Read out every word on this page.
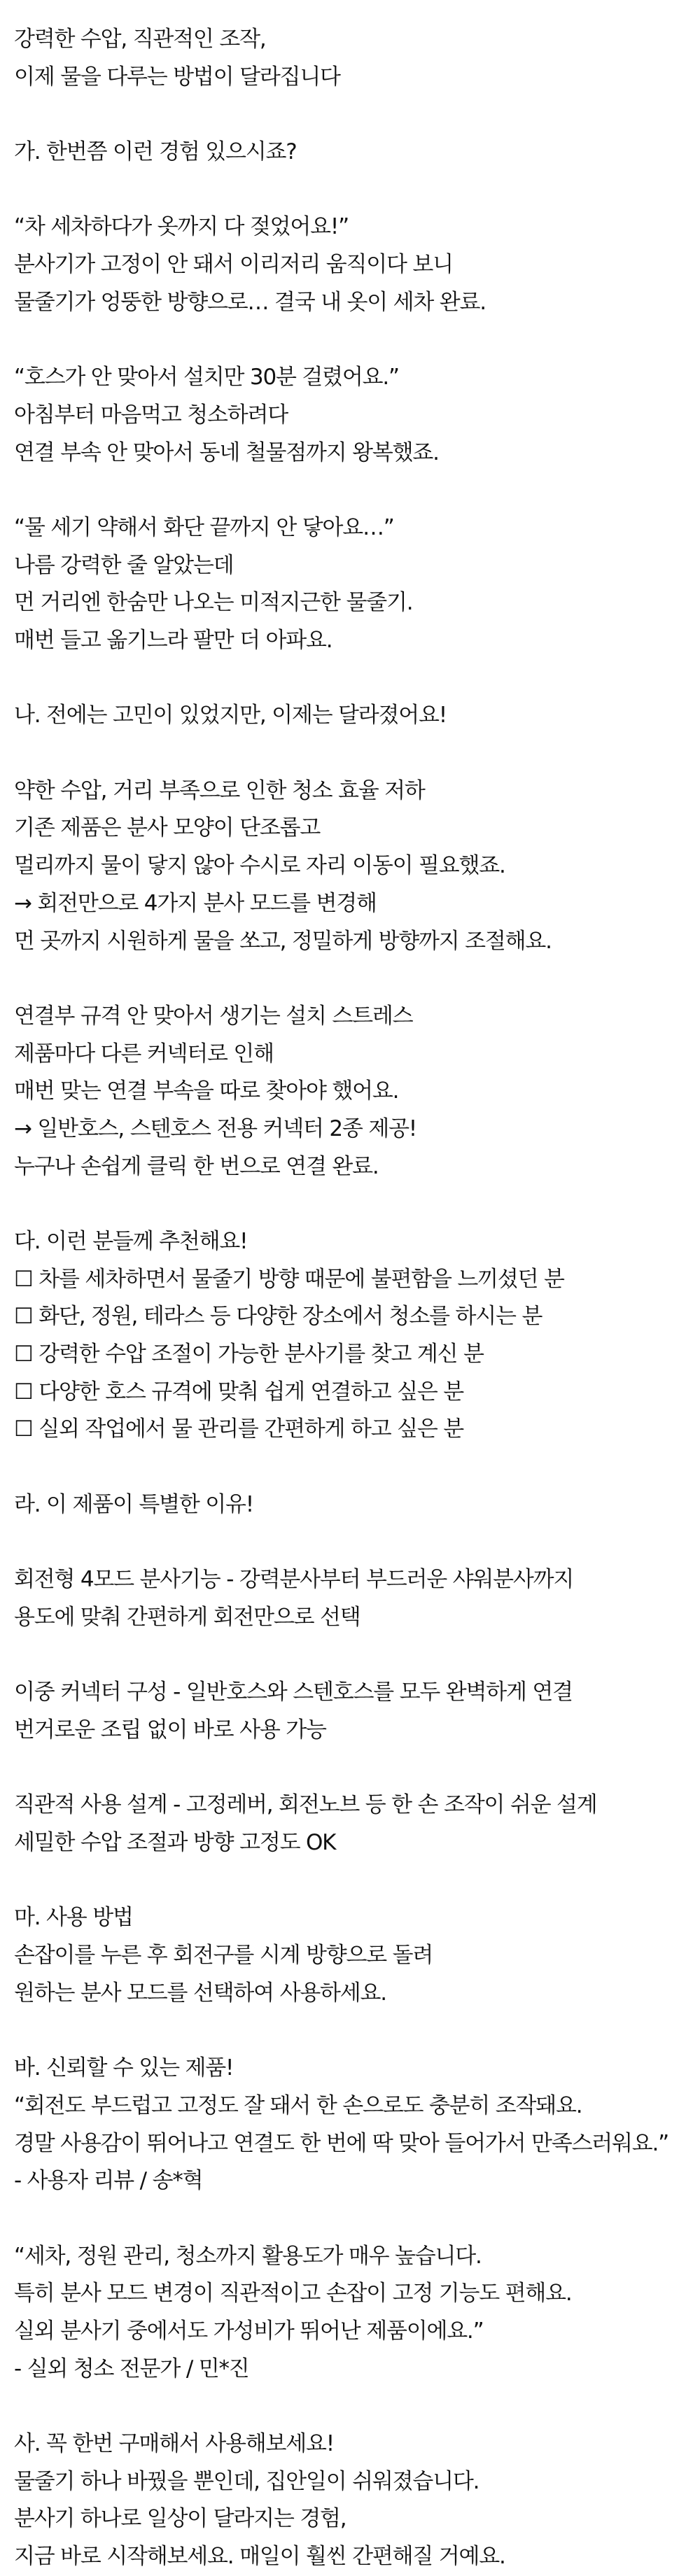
강력한 수압, 직관적인 조작,
이제 물을 다루는 방법이 달라집니다
가. 한번쯤 이런 경험 있으시죠?
“차 세차하다가 옷까지 다 젖었어요!”
분사기가 고정이 안 돼서 이리저리 움직이다 보니
물줄기가 엉뚱한 방향으로… 결국 내 옷이 세차 완료.
“호스가 안 맞아서 설치만 30분 걸렸어요.”
아침부터 마음먹고 청소하려다
연결 부속 안 맞아서 동네 철물점까지 왕복했죠.
“물 세기 약해서 화단 끝까지 안 닿아요…”
나름 강력한 줄 알았는데
먼 거리엔 한숨만 나오는 미적지근한 물줄기.
매번 들고 옮기느라 팔만 더 아파요.
나. 전에는 고민이 있었지만, 이제는 달라졌어요!
약한 수압, 거리 부족으로 인한 청소 효율 저하
기존 제품은 분사 모양이 단조롭고
멀리까지 물이 닿지 않아 수시로 자리 이동이 필요했죠.
→ 회전만으로 4가지 분사 모드를 변경해
먼 곳까지 시원하게 물을 쏘고, 정밀하게 방향까지 조절해요.
연결부 규격 안 맞아서 생기는 설치 스트레스
제품마다 다른 커넥터로 인해
매번 맞는 연결 부속을 따로 찾아야 했어요.
→ 일반호스, 스텐호스 전용 커넥터 2종 제공!
누구나 손쉽게 클릭 한 번으로 연결 완료.
다. 이런 분들께 추천해요!
☐ 차를 세차하면서 물줄기 방향 때문에 불편함을 느끼셨던 분
☐ 화단, 정원, 테라스 등 다양한 장소에서 청소를 하시는 분
☐ 강력한 수압 조절이 가능한 분사기를 찾고 계신 분
☐ 다양한 호스 규격에 맞춰 쉽게 연결하고 싶은 분
☐ 실외 작업에서 물 관리를 간편하게 하고 싶은 분
라. 이 제품이 특별한 이유!
회전형 4모드 분사기능 - 강력분사부터 부드러운 샤워분사까지
용도에 맞춰 간편하게 회전만으로 선택
이중 커넥터 구성 - 일반호스와 스텐호스를 모두 완벽하게 연결
번거로운 조립 없이 바로 사용 가능
직관적 사용 설계 - 고정레버, 회전노브 등 한 손 조작이 쉬운 설계
세밀한 수압 조절과 방향 고정도 OK
마. 사용 방법
손잡이를 누른 후 회전구를 시계 방향으로 돌려
원하는 분사 모드를 선택하여 사용하세요.
바. 신뢰할 수 있는 제품!
“회전도 부드럽고 고정도 잘 돼서 한 손으로도 충분히 조작돼요.
경말 사용감이 뛰어나고 연결도 한 번에 딱 맞아 들어가서 만족스러워요.”
- 사용자 리뷰 / 송*혁
“세차, 정원 관리, 청소까지 활용도가 매우 높습니다.
특히 분사 모드 변경이 직관적이고 손잡이 고정 기능도 편해요.
실외 분사기 중에서도 가성비가 뛰어난 제품이에요.”
- 실외 청소 전문가 / 민*진
사. 꼭 한번 구매해서 사용해보세요!
물줄기 하나 바꿨을 뿐인데, 집안일이 쉬워졌습니다.
분사기 하나로 일상이 달라지는 경험,
지금 바로 시작해보세요. 매일이 훨씬 간편해질 거예요.
